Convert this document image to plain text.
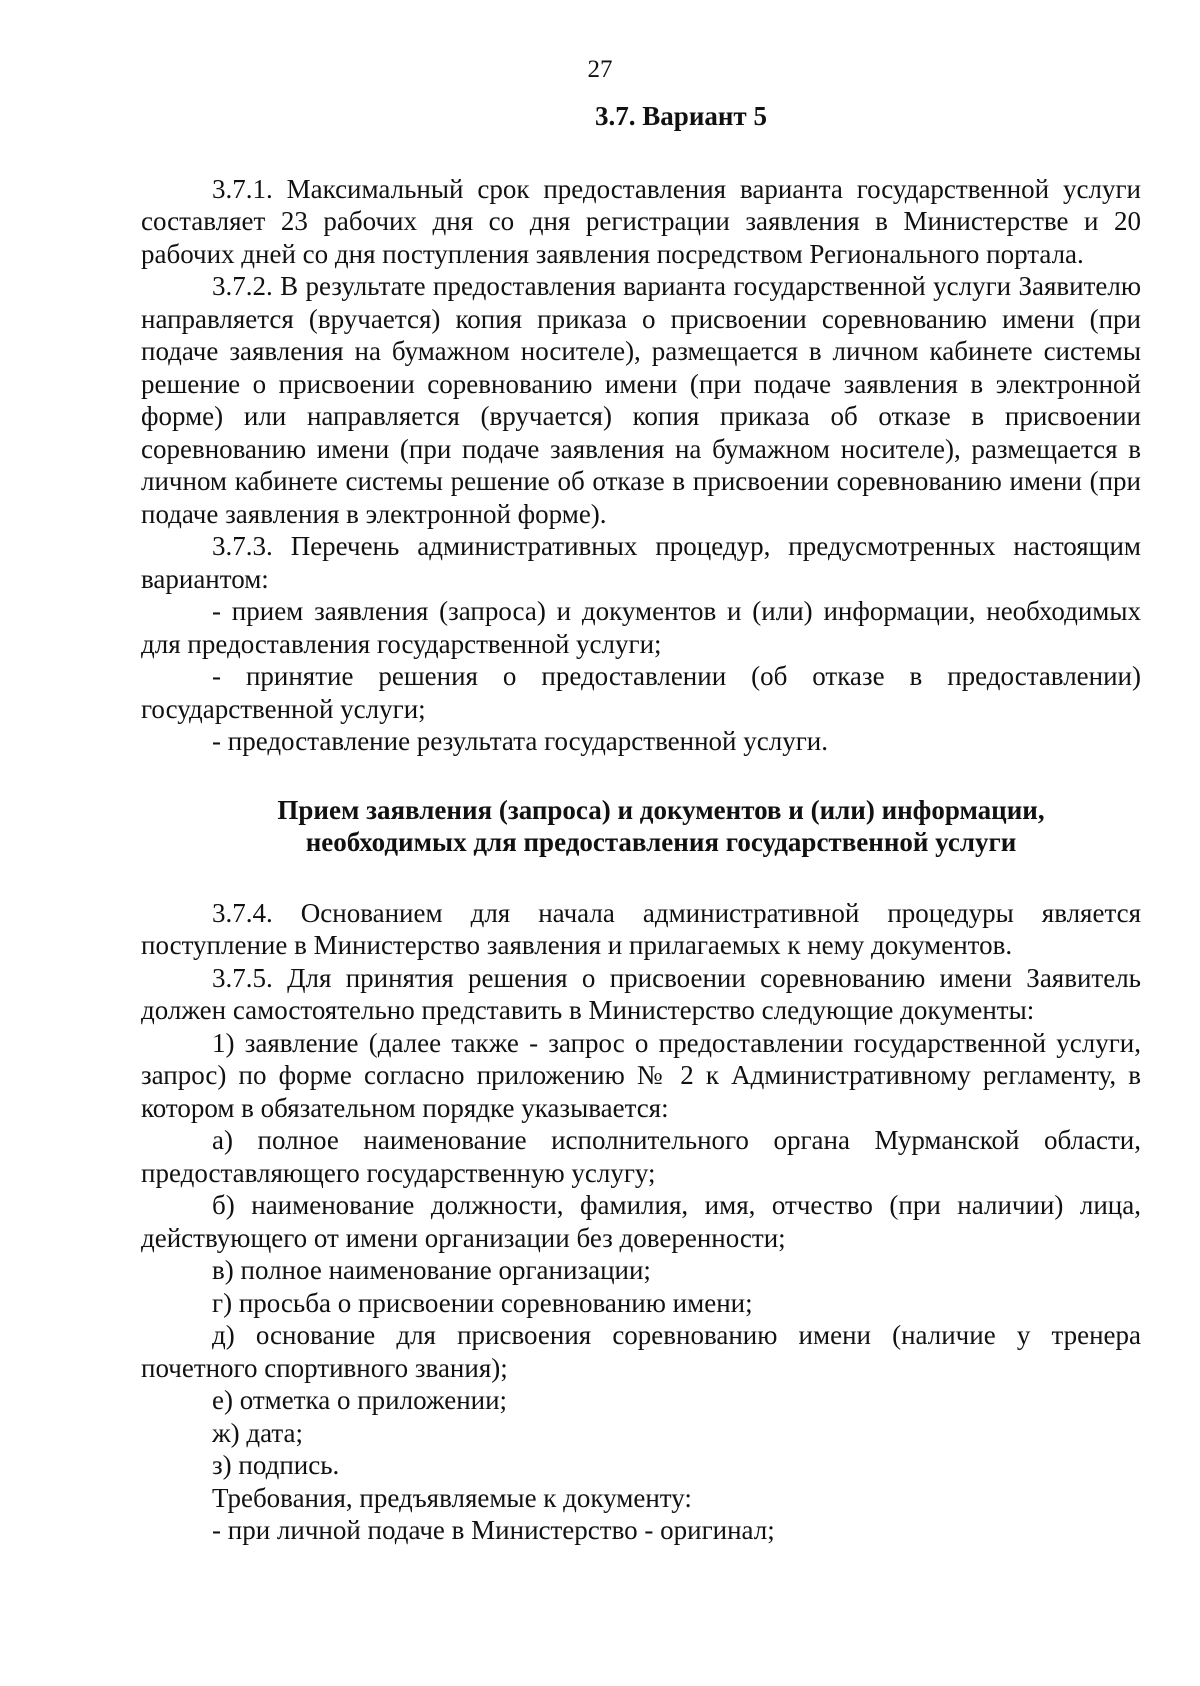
27
3.7. Вариант 5

3.7.1. Максимальный срок предоставления варианта государственной услуги составляет 23 рабочих дня со дня регистрации заявления в Министерстве и 20 рабочих дней со дня поступления заявления посредством Регионального портала.

3.7.2. В результате предоставления варианта государственной услуги Заявителю направляется (вручается) копия приказа о присвоении соревнованию имени (при подаче заявления на бумажном носителе), размещается в личном кабинете системы решение о присвоении соревнованию имени (при подаче заявления в электронной форме) или направляется (вручается) копия приказа об отказе в присвоении соревнованию имени (при подаче заявления на бумажном носителе), размещается в личном кабинете системы решение об отказе в присвоении соревнованию имени (при подаче заявления в электронной форме).

3.7.3. Перечень административных процедур, предусмотренных настоящим вариантом:

- прием заявления (запроса) и документов и (или) информации, необходимых для предоставления государственной услуги;

- принятие решения о предоставлении (об отказе в предоставлении) государственной услуги;

- предоставление результата государственной услуги.

Прием заявления (запроса) и документов и (или) информации,
необходимых для предоставления государственной услуги

3.7.4. Основанием для начала административной процедуры является поступление в Министерство заявления и прилагаемых к нему документов.

3.7.5. Для принятия решения о присвоении соревнованию имени Заявитель должен самостоятельно представить в Министерство следующие документы:

1) заявление (далее также - запрос о предоставлении государственной услуги, запрос) по форме согласно приложению № 2 к Административному регламенту, в котором в обязательном порядке указывается:

а) полное наименование исполнительного органа Мурманской области, предоставляющего государственную услугу;

б) наименование должности, фамилия, имя, отчество (при наличии) лица, действующего от имени организации без доверенности;

в) полное наименование организации;

г) просьба о присвоении соревнованию имени;

д) основание для присвоения соревнованию имени (наличие у тренера почетного спортивного звания);

е) отметка о приложении;

ж) дата;

з) подпись.

Требования, предъявляемые к документу:

- при личной подаче в Министерство - оригинал;
